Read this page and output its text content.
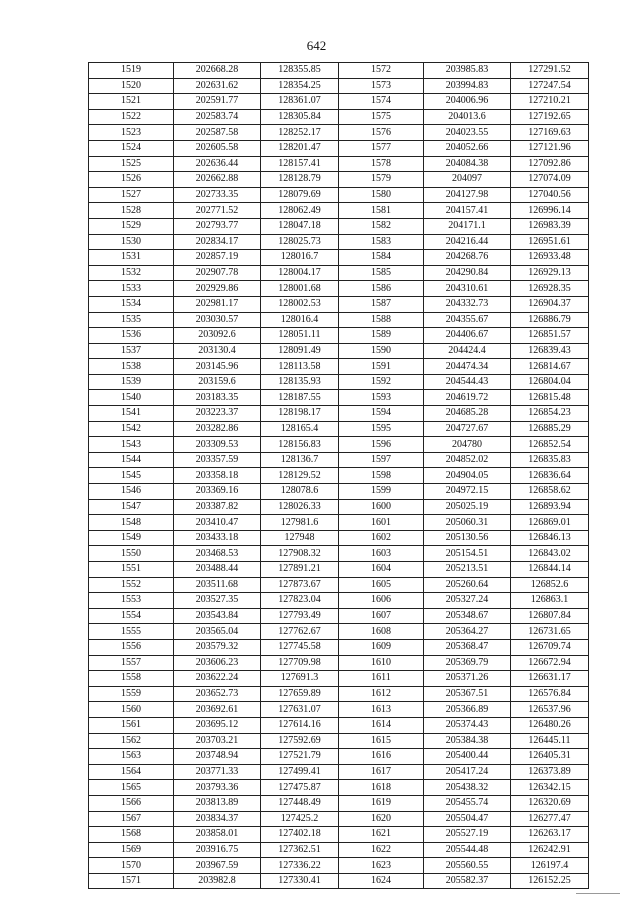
642
1519	202668.28	128355.85	1572	203985.83	127291.52
1520	202631.62	128354.25	1573	203994.83	127247.54
1521	202591.77	128361.07	1574	204006.96	127210.21
1522	202583.74	128305.84	1575	204013.6	127192.65
1523	202587.58	128252.17	1576	204023.55	127169.63
1524	202605.58	128201.47	1577	204052.66	127121.96
1525	202636.44	128157.41	1578	204084.38	127092.86
1526	202662.88	128128.79	1579	204097	127074.09
1527	202733.35	128079.69	1580	204127.98	127040.56
1528	202771.52	128062.49	1581	204157.41	126996.14
1529	202793.77	128047.18	1582	204171.1	126983.39
1530	202834.17	128025.73	1583	204216.44	126951.61
1531	202857.19	128016.7	1584	204268.76	126933.48
1532	202907.78	128004.17	1585	204290.84	126929.13
1533	202929.86	128001.68	1586	204310.61	126928.35
1534	202981.17	128002.53	1587	204332.73	126904.37
1535	203030.57	128016.4	1588	204355.67	126886.79
1536	203092.6	128051.11	1589	204406.67	126851.57
1537	203130.4	128091.49	1590	204424.4	126839.43
1538	203145.96	128113.58	1591	204474.34	126814.67
1539	203159.6	128135.93	1592	204544.43	126804.04
1540	203183.35	128187.55	1593	204619.72	126815.48
1541	203223.37	128198.17	1594	204685.28	126854.23
1542	203282.86	128165.4	1595	204727.67	126885.29
1543	203309.53	128156.83	1596	204780	126852.54
1544	203357.59	128136.7	1597	204852.02	126835.83
1545	203358.18	128129.52	1598	204904.05	126836.64
1546	203369.16	128078.6	1599	204972.15	126858.62
1547	203387.82	128026.33	1600	205025.19	126893.94
1548	203410.47	127981.6	1601	205060.31	126869.01
1549	203433.18	127948	1602	205130.56	126846.13
1550	203468.53	127908.32	1603	205154.51	126843.02
1551	203488.44	127891.21	1604	205213.51	126844.14
1552	203511.68	127873.67	1605	205260.64	126852.6
1553	203527.35	127823.04	1606	205327.24	126863.1
1554	203543.84	127793.49	1607	205348.67	126807.84
1555	203565.04	127762.67	1608	205364.27	126731.65
1556	203579.32	127745.58	1609	205368.47	126709.74
1557	203606.23	127709.98	1610	205369.79	126672.94
1558	203622.24	127691.3	1611	205371.26	126631.17
1559	203652.73	127659.89	1612	205367.51	126576.84
1560	203692.61	127631.07	1613	205366.89	126537.96
1561	203695.12	127614.16	1614	205374.43	126480.26
1562	203703.21	127592.69	1615	205384.38	126445.11
1563	203748.94	127521.79	1616	205400.44	126405.31
1564	203771.33	127499.41	1617	205417.24	126373.89
1565	203793.36	127475.87	1618	205438.32	126342.15
1566	203813.89	127448.49	1619	205455.74	126320.69
1567	203834.37	127425.2	1620	205504.47	126277.47
1568	203858.01	127402.18	1621	205527.19	126263.17
1569	203916.75	127362.51	1622	205544.48	126242.91
1570	203967.59	127336.22	1623	205560.55	126197.4
1571	203982.8	127330.41	1624	205582.37	126152.25
